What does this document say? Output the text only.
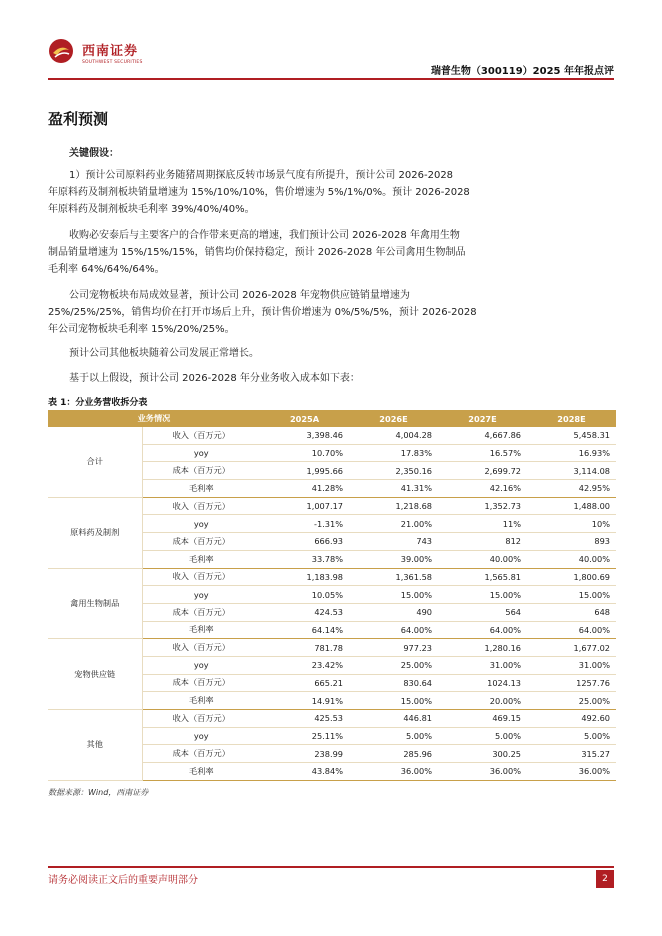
西南证券
SOUTHWEST SECURITIES
瑞普生物（300119）2025 年年报点评
盈利预测
关键假设：
1）预计公司原料药业务随猪周期探底反转市场景气度有所提升，预计公司 2026-2028
年原料药及制剂板块销量增速为 15%/10%/10%，售价增速为 5%/1%/0%。预计 2026-2028
年原料药及制剂板块毛利率 39%/40%/40%。
收购必安泰后与主要客户的合作带来更高的增速，我们预计公司 2026-2028 年禽用生物
制品销量增速为 15%/15%/15%，销售均价保持稳定，预计 2026-2028 年公司禽用生物制品
毛利率 64%/64%/64%。
公司宠物板块布局成效显著，预计公司 2026-2028 年宠物供应链销量增速为
25%/25%/25%，销售均价在打开市场后上升，预计售价增速为 0%/5%/5%，预计 2026-2028
年公司宠物板块毛利率 15%/20%/25%。
预计公司其他板块随着公司发展正常增长。
基于以上假设，预计公司 2026-2028 年分业务收入成本如下表：
表 1：分业务营收拆分表
业务情况		2025A	2026E	2027E	2028E
合计	收入（百万元）	3,398.46	4,004.28	4,667.86	5,458.31
	yoy	10.70%	17.83%	16.57%	16.93%
	成本（百万元）	1,995.66	2,350.16	2,699.72	3,114.08
	毛利率	41.28%	41.31%	42.16%	42.95%
原料药及制剂	收入（百万元）	1,007.17	1,218.68	1,352.73	1,488.00
	yoy	-1.31%	21.00%	11%	10%
	成本（百万元）	666.93	743	812	893
	毛利率	33.78%	39.00%	40.00%	40.00%
禽用生物制品	收入（百万元）	1,183.98	1,361.58	1,565.81	1,800.69
	yoy	10.05%	15.00%	15.00%	15.00%
	成本（百万元）	424.53	490	564	648
	毛利率	64.14%	64.00%	64.00%	64.00%
宠物供应链	收入（百万元）	781.78	977.23	1,280.16	1,677.02
	yoy	23.42%	25.00%	31.00%	31.00%
	成本（百万元）	665.21	830.64	1024.13	1257.76
	毛利率	14.91%	15.00%	20.00%	25.00%
其他	收入（百万元）	425.53	446.81	469.15	492.60
	yoy	25.11%	5.00%	5.00%	5.00%
	成本（百万元）	238.99	285.96	300.25	315.27
	毛利率	43.84%	36.00%	36.00%	36.00%
数据来源：Wind，西南证券
请务必阅读正文后的重要声明部分	2
